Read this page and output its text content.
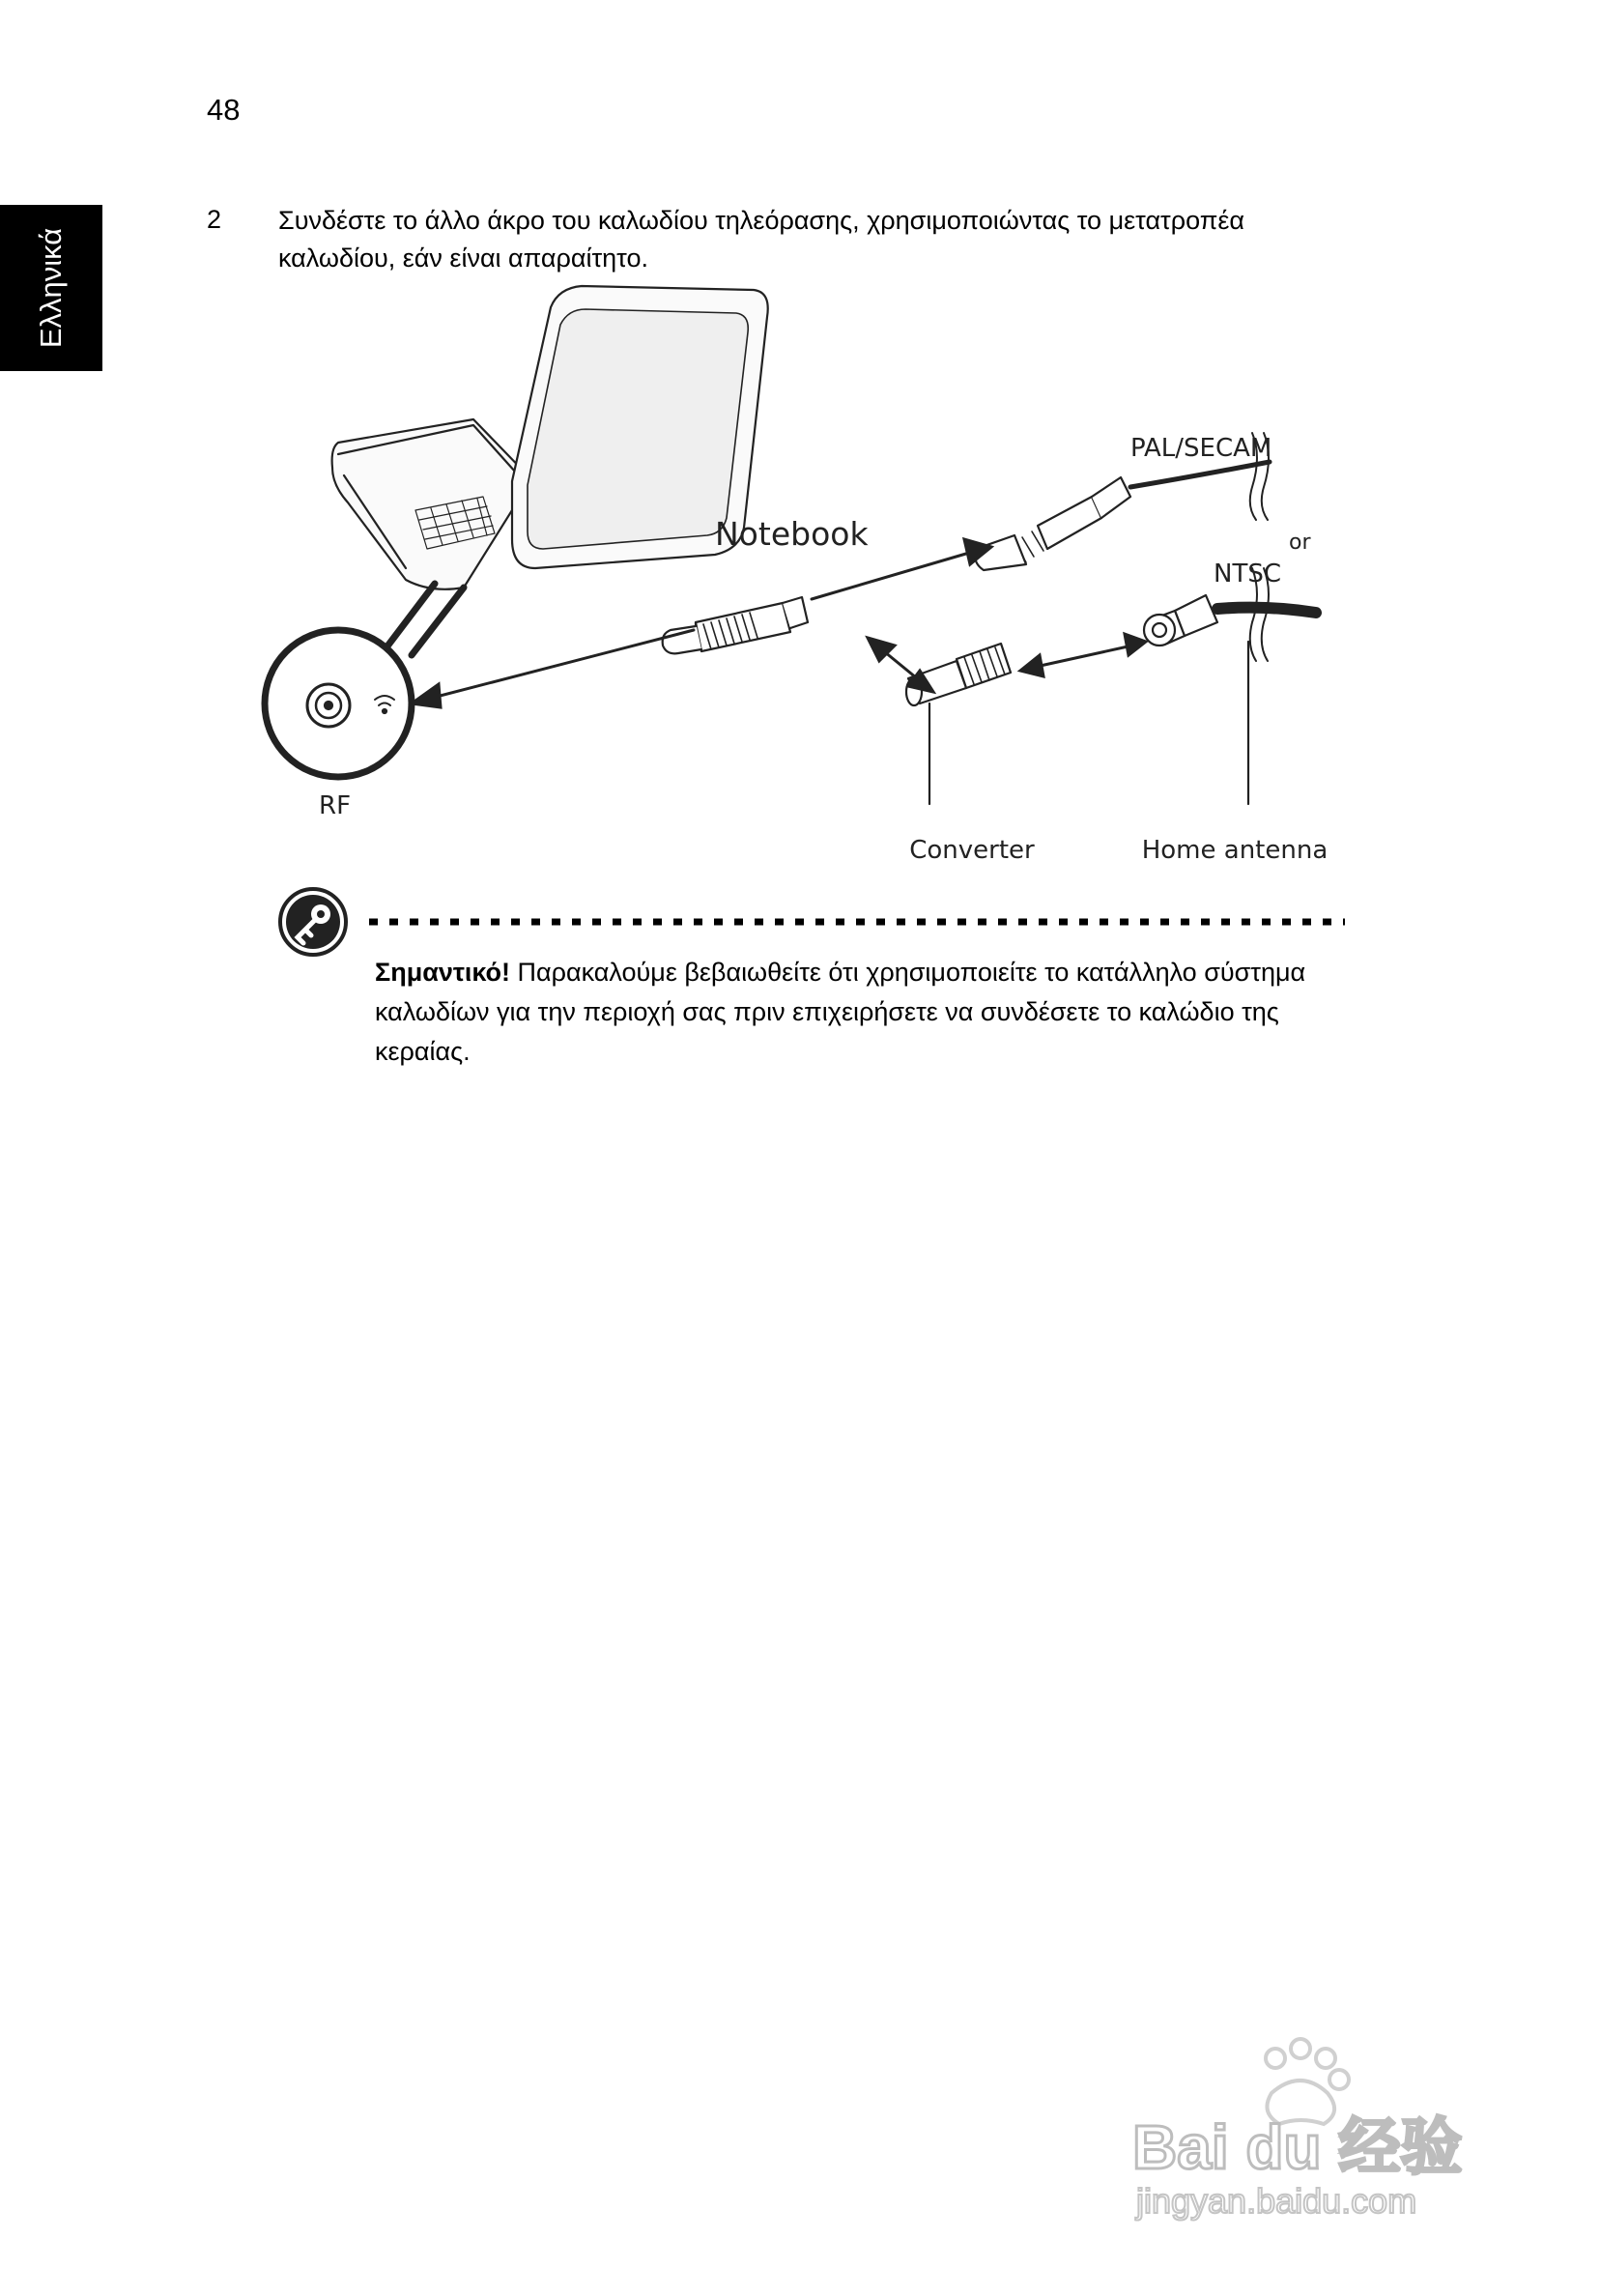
48
Ελληνικά
2 Συνδέστε το άλλο άκρο του καλωδίου τηλεόρασης, χρησιμοποιώντας το μετατροπέα καλωδίου, εάν είναι απαραίτητο.
PAL/SECAM
or
NTSC
Notebook
RF
Converter	Home antenna
Σημαντικό! Παρακαλούμε βεβαιωθείτε ότι χρησιμοποιείτε το κατάλληλο σύστημα καλωδίων για την περιοχή σας πριν επιχειρήσετε να συνδέσετε το καλώδιο της κεραίας.
Bai du 经验
jingyan.baidu.com
